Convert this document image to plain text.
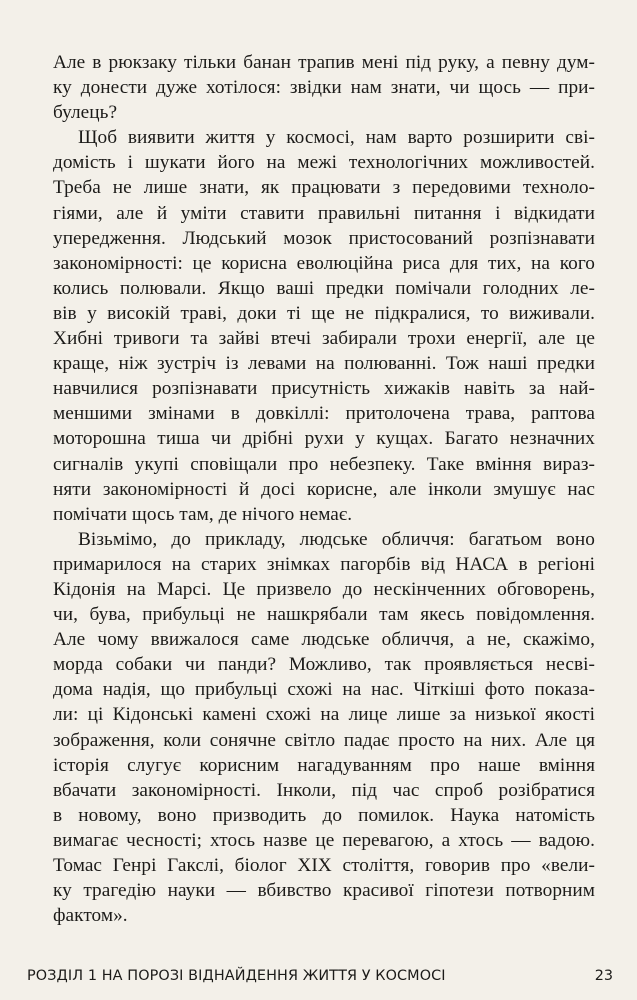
Але в рюкзаку тільки банан трапив мені під руку, а певну дум-
ку донести дуже хотілося: звідки нам знати, чи щось — при-
булець?
Щоб виявити життя у космосі, нам варто розширити сві-
домість і шукати його на межі технологічних можливостей.
Треба не лише знати, як працювати з передовими техноло-
гіями, але й уміти ставити правильні питання і відкидати
упередження. Людський мозок пристосований розпізнавати
закономірності: це корисна еволюційна риса для тих, на кого
колись полювали. Якщо ваші предки помічали голодних ле-
вів у високій траві, доки ті ще не підкралися, то виживали.
Хибні тривоги та зайві втечі забирали трохи енергії, але це
краще, ніж зустріч із левами на полюванні. Тож наші предки
навчилися розпізнавати присутність хижаків навіть за най-
меншими змінами в довкіллі: притолочена трава, раптова
моторошна тиша чи дрібні рухи у кущах. Багато незначних
сигналів укупі сповіщали про небезпеку. Таке вміння вираз-
няти закономірності й досі корисне, але інколи змушує нас
помічати щось там, де нічого немає.
Візьмімо, до прикладу, людське обличчя: багатьом воно
примарилося на старих знімках пагорбів від НАСА в регіоні
Кідонія на Марсі. Це призвело до нескінченних обговорень,
чи, бува, прибульці не нашкрябали там якесь повідомлення.
Але чому ввижалося саме людське обличчя, а не, скажімо,
морда собаки чи панди? Можливо, так проявляється несві-
дома надія, що прибульці схожі на нас. Чіткіші фото показа-
ли: ці Кідонські камені схожі на лице лише за низької якості
зображення, коли сонячне світло падає просто на них. Але ця
історія слугує корисним нагадуванням про наше вміння
вбачати закономірності. Інколи, під час спроб розібратися
в новому, воно призводить до помилок. Наука натомість
вимагає чесності; хтось назве це перевагою, а хтось — вадою.
Томас Генрі Гакслі, біолог XIX століття, говорив про «вели-
ку трагедію науки — вбивство красивої гіпотези потворним
фактом».
РОЗДІЛ 1 НА ПОРОЗІ ВІДНАЙДЕННЯ ЖИТТЯ У КОСМОСІ	23
